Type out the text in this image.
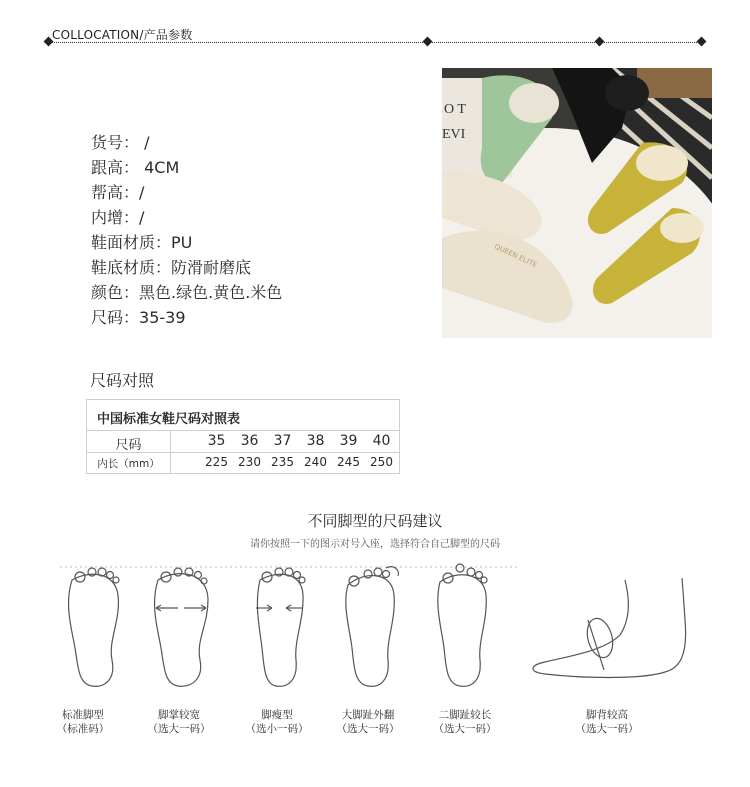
COLLOCATION/产品参数
货号： /
跟高： 4CM
帮高：/
内增：/
鞋面材质：PU
鞋底材质：防滑耐磨底
颜色：黑色.绿色.黄色.米色
尺码：35-39
O T
EVI
QUEEN ELITE
尺码对照
中国标准女鞋尺码对照表
尺码	35	36	37	38	39	40
内长（mm）	225 230 235 240 245 250
不同脚型的尺码建议
请你按照一下的图示对号入座，选择符合自己脚型的尺码
标准脚型
（标准码）
脚掌较宽
（选大一码）
脚瘦型
（选小一码）
大脚趾外翻
（选大一码）
二脚趾较长
（选大一码）
脚背较高
（选大一码）
